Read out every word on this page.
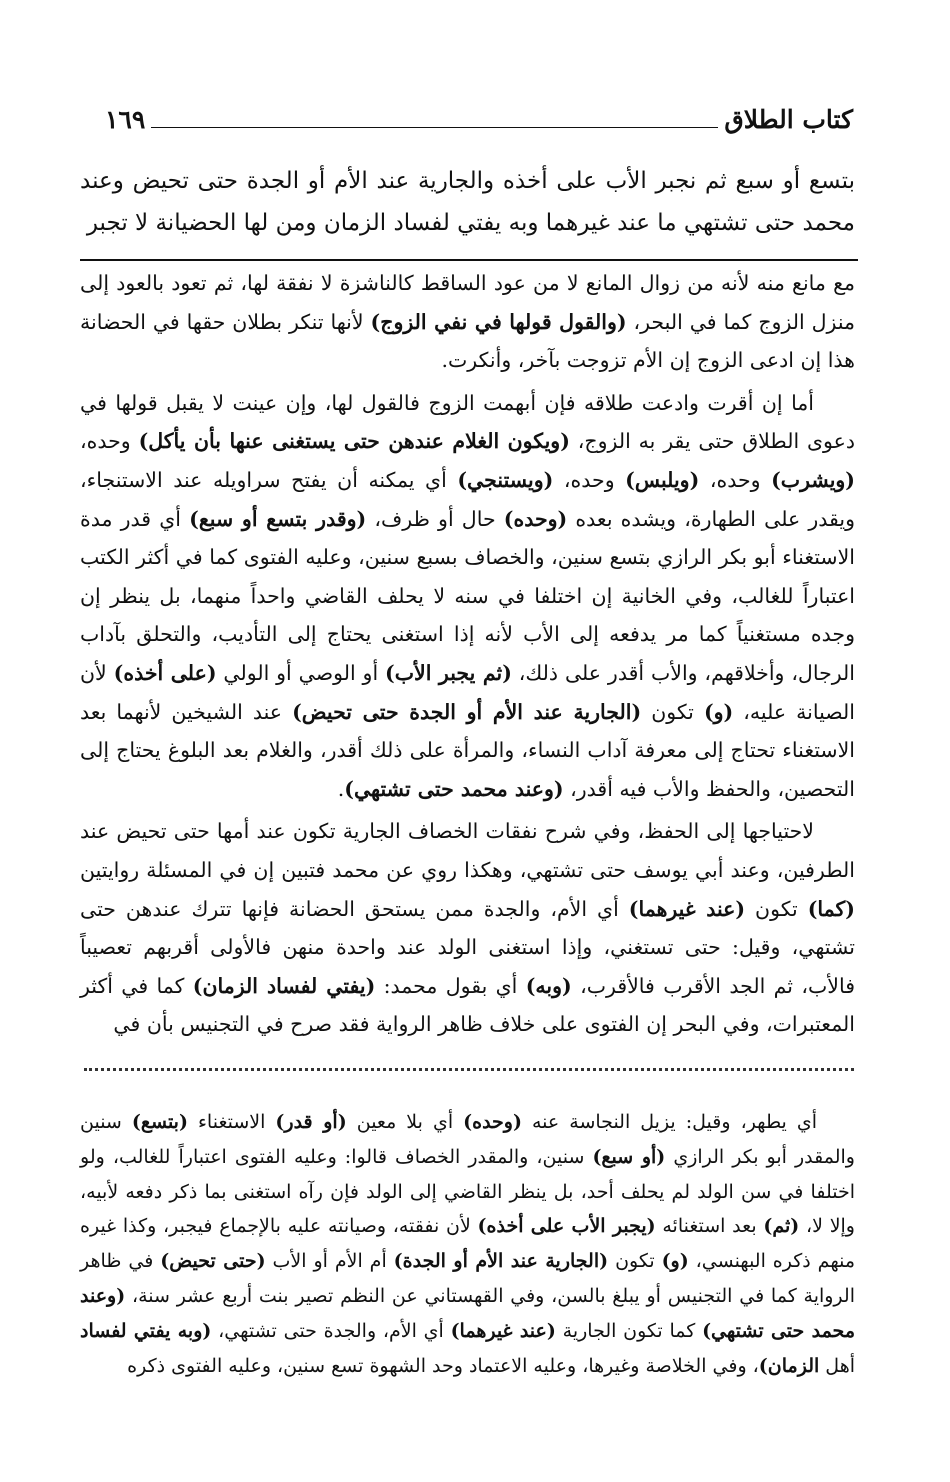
كتاب الطلاق
١٦٩
بتسع أو سبع ثم نجبر الأب على أخذه والجارية عند الأم أو الجدة حتى تحيض وعند محمد حتى تشتهي ما عند غيرهما وبه يفتي لفساد الزمان ومن لها الحضيانة لا تجبر

مع مانع منه لأنه من زوال المانع لا من عود الساقط كالناشزة لا نفقة لها، ثم تعود بالعود إلى منزل الزوج كما في البحر، (والقول قولها في نفي الزوج) لأنها تنكر بطلان حقها في الحضانة هذا إن ادعى الزوج إن الأم تزوجت بآخر، وأنكرت.

  أما إن أقرت وادعت طلاقه فإن أبهمت الزوج فالقول لها، وإن عينت لا يقبل قولها في دعوى الطلاق حتى يقر به الزوج، (ويكون الغلام عندهن حتى يستغنى عنها بأن يأكل) وحده، (ويشرب) وحده، (ويلبس) وحده، (ويستنجي) أي يمكنه أن يفتح سراويله عند الاستنجاء، ويقدر على الطهارة، ويشده بعده (وحده) حال أو ظرف، (وقدر بتسع أو سبع) أي قدر مدة الاستغناء أبو بكر الرازي بتسع سنين، والخصاف بسبع سنين، وعليه الفتوى كما في أكثر الكتب اعتباراً للغالب، وفي الخانية إن اختلفا في سنه لا يحلف القاضي واحداً منهما، بل ينظر إن وجده مستغنياً كما مر يدفعه إلى الأب لأنه إذا استغنى يحتاج إلى التأديب، والتحلق بآداب الرجال، وأخلاقهم، والأب أقدر على ذلك، (ثم يجبر الأب) أو الوصي أو الولي (على أخذه) لأن الصيانة عليه، (و) تكون (الجارية عند الأم أو الجدة حتى تحيض) عند الشيخين لأنهما بعد الاستغناء تحتاج إلى معرفة آداب النساء، والمرأة على ذلك أقدر، والغلام بعد البلوغ يحتاج إلى التحصين، والحفظ والأب فيه أقدر، (وعند محمد حتى تشتهي).

  لاحتياجها إلى الحفظ، وفي شرح نفقات الخصاف الجارية تكون عند أمها حتى تحيض عند الطرفين، وعند أبي يوسف حتى تشتهي، وهكذا روي عن محمد فتبين إن في المسئلة روايتين (كما) تكون (عند غيرهما) أي الأم، والجدة ممن يستحق الحضانة فإنها تترك عندهن حتى تشتهي، وقيل: حتى تستغني، وإذا استغنى الولد عند واحدة منهن فالأولى أقربهم تعصيباً فالأب، ثم الجد الأقرب فالأقرب، (وبه) أي بقول محمد: (يفتي لفساد الزمان) كما في أكثر المعتبرات، وفي البحر إن الفتوى على خلاف ظاهر الرواية فقد صرح في التجنيس بأن في

  أي يطهر، وقيل: يزيل النجاسة عنه (وحده) أي بلا معين (أو قدر) الاستغناء (بتسع) سنين والمقدر أبو بكر الرازي (أو سبع) سنين، والمقدر الخصاف قالوا: وعليه الفتوى اعتباراً للغالب، ولو اختلفا في سن الولد لم يحلف أحد، بل ينظر القاضي إلى الولد فإن رآه استغنى بما ذكر دفعه لأبيه، وإلا لا، (ثم) بعد استغنائه (يجبر الأب على أخذه) لأن نفقته، وصيانته عليه بالإجماع فيجبر، وكذا غيره منهم ذكره البهنسي، (و) تكون (الجارية عند الأم أو الجدة) أم الأم أو الأب (حتى تحيض) في ظاهر الرواية كما في التجنيس أو يبلغ بالسن، وفي القهستاني عن النظم تصير بنت أربع عشر سنة، (وعند محمد حتى تشتهي) كما تكون الجارية (عند غيرهما) أي الأم، والجدة حتى تشتهي، (وبه يفتي لفساد أهل الزمان)، وفي الخلاصة وغيرها، وعليه الاعتماد وحد الشهوة تسع سنين، وعليه الفتوى ذكره
